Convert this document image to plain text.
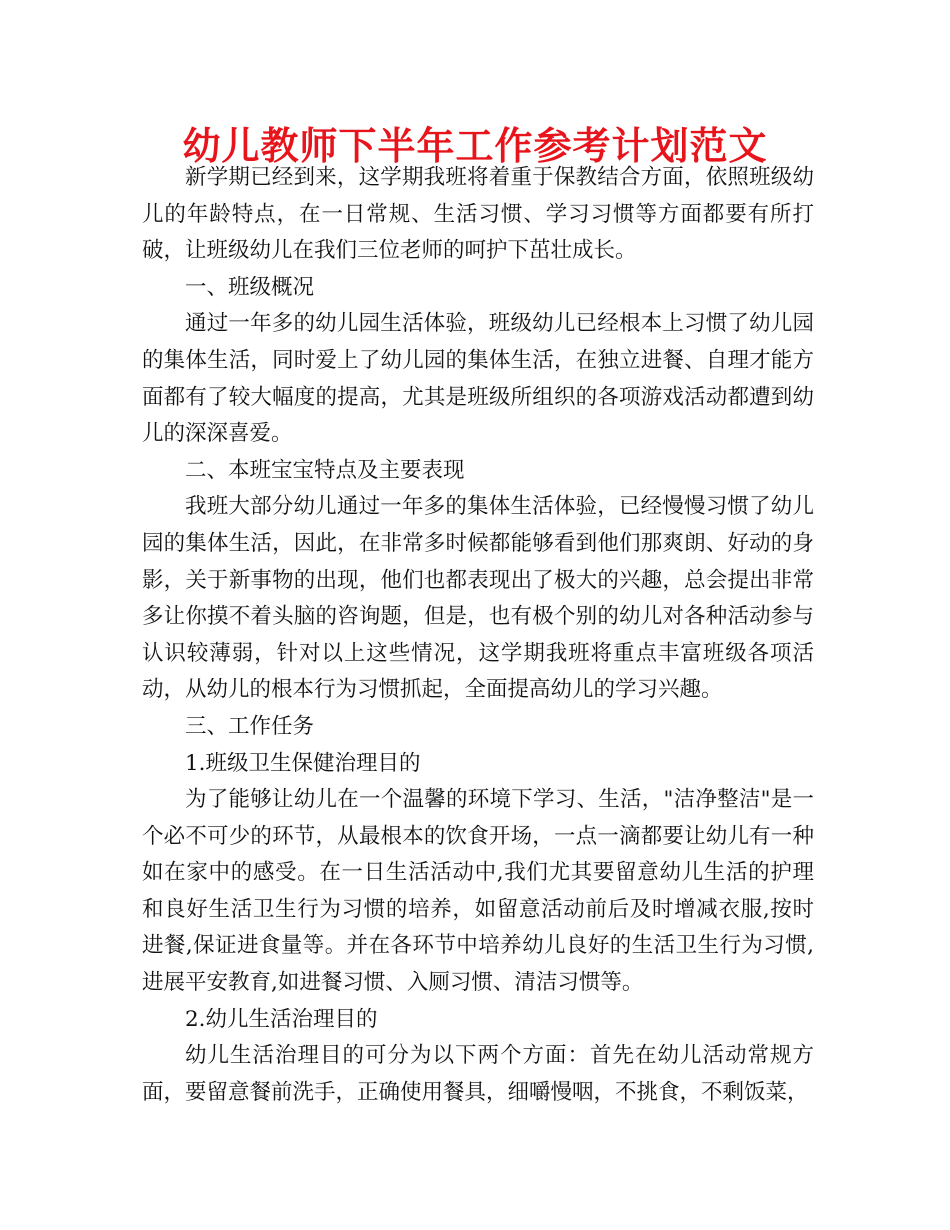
幼儿教师下半年工作参考计划范文

新学期已经到来，这学期我班将着重于保教结合方面，依照班级幼儿的年龄特点，在一日常规、生活习惯、学习习惯等方面都要有所打破，让班级幼儿在我们三位老师的呵护下茁壮成长。

一、班级概况

通过一年多的幼儿园生活体验，班级幼儿已经根本上习惯了幼儿园的集体生活，同时爱上了幼儿园的集体生活，在独立进餐、自理才能方面都有了较大幅度的提高，尤其是班级所组织的各项游戏活动都遭到幼儿的深深喜爱。

二、本班宝宝特点及主要表现

我班大部分幼儿通过一年多的集体生活体验，已经慢慢习惯了幼儿园的集体生活，因此，在非常多时候都能够看到他们那爽朗、好动的身影，关于新事物的出现，他们也都表现出了极大的兴趣，总会提出非常多让你摸不着头脑的咨询题，但是，也有极个别的幼儿对各种活动参与认识较薄弱，针对以上这些情况，这学期我班将重点丰富班级各项活动，从幼儿的根本行为习惯抓起，全面提高幼儿的学习兴趣。

三、工作任务

1.班级卫生保健治理目的

为了能够让幼儿在一个温馨的环境下学习、生活，"洁净整洁"是一个必不可少的环节，从最根本的饮食开场，一点一滴都要让幼儿有一种如在家中的感受。在一日生活活动中,我们尤其要留意幼儿生活的护理和良好生活卫生行为习惯的培养，如留意活动前后及时增减衣服,按时进餐,保证进食量等。并在各环节中培养幼儿良好的生活卫生行为习惯,进展平安教育,如进餐习惯、入厕习惯、清洁习惯等。

2.幼儿生活治理目的

幼儿生活治理目的可分为以下两个方面：首先在幼儿活动常规方面，要留意餐前洗手，正确使用餐具，细嚼慢咽，不挑食，不剩饭菜，
